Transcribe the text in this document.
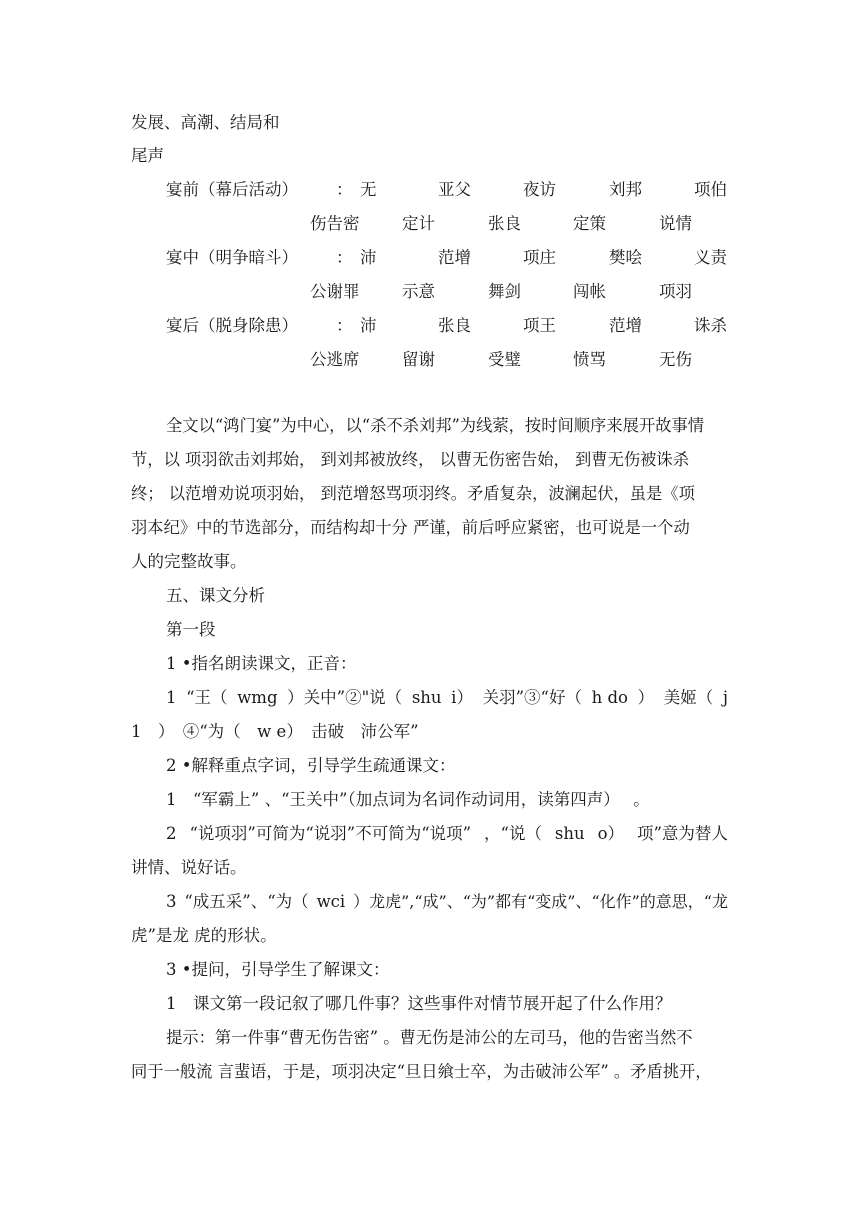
发展、高潮、结局和
尾声
宴前（幕后活动） ： 无	亚父	夜访	刘邦	项伯
伤告密	定计	张良	定策	说情
宴中（明争暗斗） ： 沛	范增	项庄	樊哙	义责
公谢罪	示意	舞剑	闯帐	项羽
宴后（脱身除患） ： 沛	张良	项王	范增	诛杀
公逃席	留谢	受璧	愤骂	无伤
全文以“鸿门宴”为中心，以“杀不杀刘邦”为线萦，按时间顺序来展开故事情
节，以 项羽欲击刘邦始， 到刘邦被放终， 以曹无伤密告始， 到曹无伤被诛杀
终； 以范增劝说项羽始， 到范增怒骂项羽终。矛盾复杂，波澜起伏，虽是《项
羽本纪》中的节选部分，而结构却十分 严谨，前后呼应紧密，也可说是一个动
人的完整故事。
五、课文分析
第一段
1 •指名朗读课文，正音：
1 “王（ wmg ）关中”②"说（ shu i） 关羽”③“好（ h do ） 美姬（ j
1　）　④“为（　w e）　击破　沛公军”
2 •解释重点字词，引导学生疏通课文：
1　“军霸上” 、“王关中”（加点词为名词作动词用，读第四声）　 。
2 “说项羽”可简为“说羽”不可简为“说项” ，“说（ shu o） 项”意为替人
讲情、说好话。
3 “成五采”、“为（ wci ）龙虎”,“成”、“为”都有“变成”、“化作”的意思，“龙
虎”是龙 虎的形状。
3 •提问，引导学生了解课文：
1　课文第一段记叙了哪几件事？这些事件对情节展开起了什么作用？
提示：第一件事“曹无伤告密” 。曹无伤是沛公的左司马，他的告密当然不
同于一般流 言蜚语，于是，项羽决定“旦日飨士卒，为击破沛公军” 。矛盾挑开，
